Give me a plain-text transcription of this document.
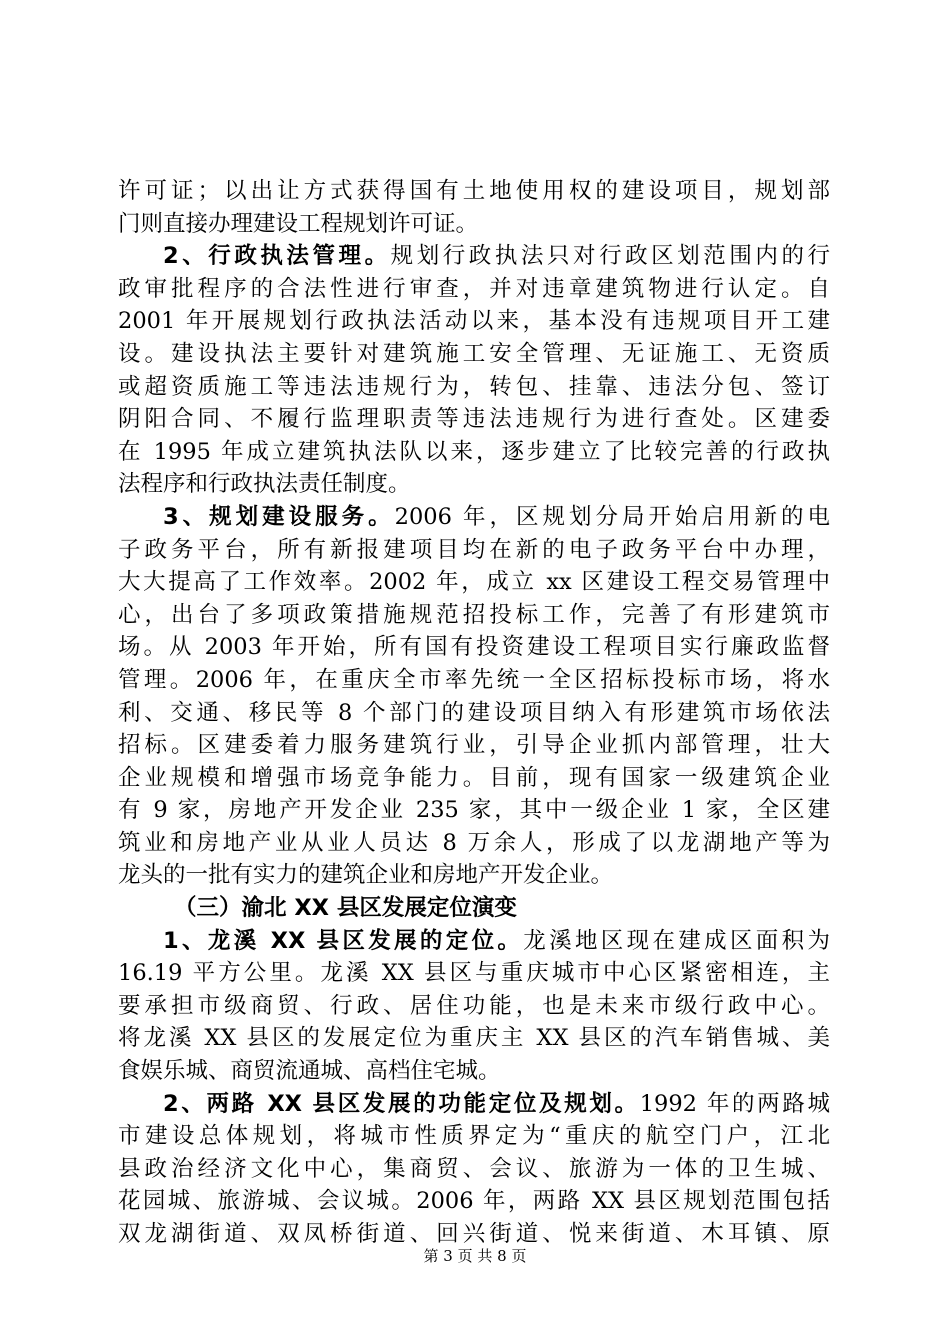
许可证；以出让方式获得国有土地使用权的建设项目，规划部
门则直接办理建设工程规划许可证。
2、行政执法管理。规划行政执法只对行政区划范围内的行
政审批程序的合法性进行审查，并对违章建筑物进行认定。自
2001 年开展规划行政执法活动以来，基本没有违规项目开工建
设。建设执法主要针对建筑施工安全管理、无证施工、无资质
或超资质施工等违法违规行为，转包、挂靠、违法分包、签订
阴阳合同、不履行监理职责等违法违规行为进行查处。区建委
在 1995 年成立建筑执法队以来，逐步建立了比较完善的行政执
法程序和行政执法责任制度。
3、规划建设服务。2006 年，区规划分局开始启用新的电
子政务平台，所有新报建项目均在新的电子政务平台中办理，
大大提高了工作效率。2002 年，成立 xx 区建设工程交易管理中
心，出台了多项政策措施规范招投标工作，完善了有形建筑市
场。从 2003 年开始，所有国有投资建设工程项目实行廉政监督
管理。2006 年，在重庆全市率先统一全区招标投标市场，将水
利、交通、移民等 8 个部门的建设项目纳入有形建筑市场依法
招标。区建委着力服务建筑行业，引导企业抓内部管理，壮大
企业规模和增强市场竞争能力。目前，现有国家一级建筑企业
有 9 家，房地产开发企业 235 家，其中一级企业 1 家，全区建
筑业和房地产业从业人员达 8 万余人，形成了以龙湖地产等为
龙头的一批有实力的建筑企业和房地产开发企业。
（三）渝北 XX 县区发展定位演变
1、龙溪 XX 县区发展的定位。龙溪地区现在建成区面积为
16.19 平方公里。龙溪 XX 县区与重庆城市中心区紧密相连，主
要承担市级商贸、行政、居住功能，也是未来市级行政中心。
将龙溪 XX 县区的发展定位为重庆主 XX 县区的汽车销售城、美
食娱乐城、商贸流通城、高档住宅城。
2、两路 XX 县区发展的功能定位及规划。1992 年的两路城
市建设总体规划，将城市性质界定为“重庆的航空门户，江北
县政治经济文化中心，集商贸、会议、旅游为一体的卫生城、
花园城、旅游城、会议城。2006 年，两路 XX 县区规划范围包括
双龙湖街道、双凤桥街道、回兴街道、悦来街道、木耳镇、原
第 3 页 共 8 页
